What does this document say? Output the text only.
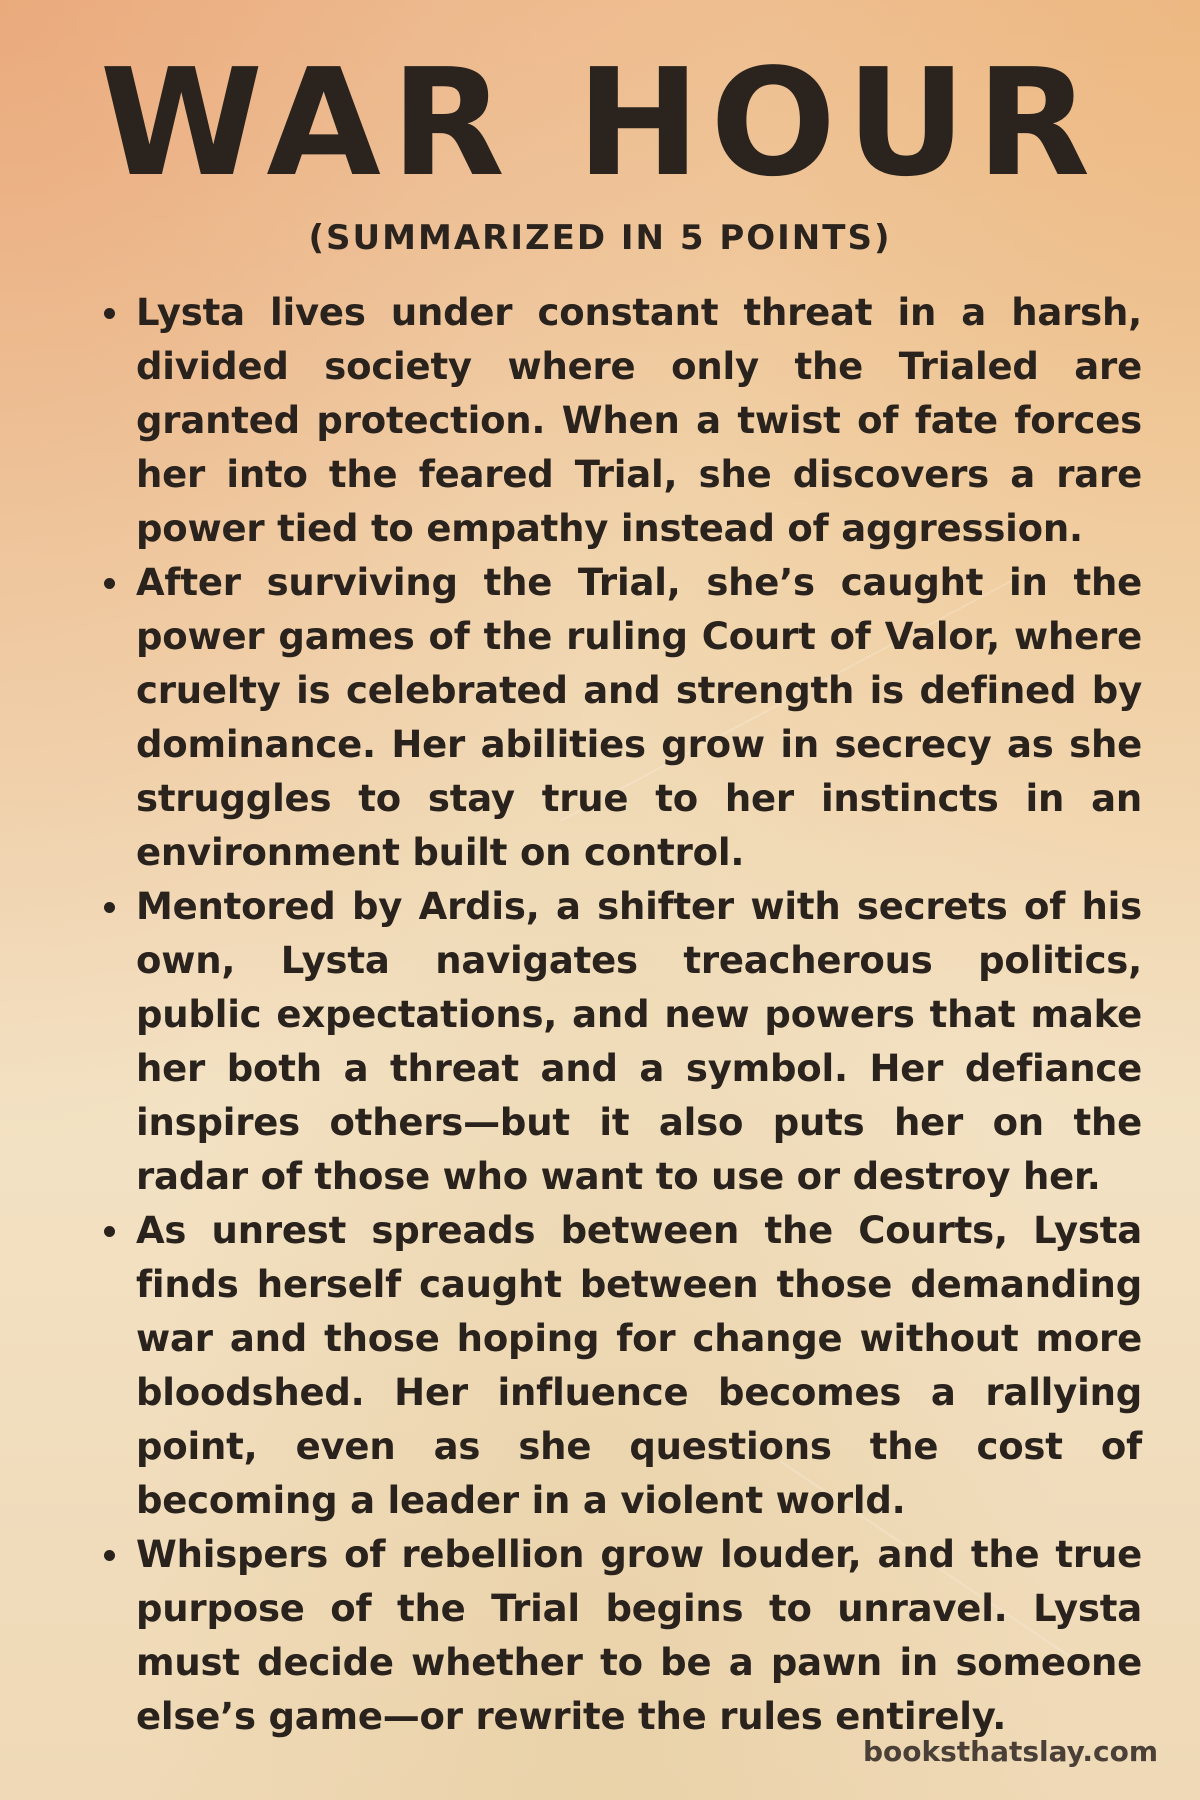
WAR HOUR
(SUMMARIZED IN 5 POINTS)
Lysta lives under constant threat in a harsh, divided society where only the Trialed are granted protection. When a twist of fate forces her into the feared Trial, she discovers a rare power tied to empathy instead of aggression.
After surviving the Trial, she’s caught in the power games of the ruling Court of Valor, where cruelty is celebrated and strength is defined by dominance. Her abilities grow in secrecy as she struggles to stay true to her instincts in an environment built on control.
Mentored by Ardis, a shifter with secrets of his own, Lysta navigates treacherous politics, public expectations, and new powers that make her both a threat and a symbol. Her defiance inspires others—but it also puts her on the radar of those who want to use or destroy her.
As unrest spreads between the Courts, Lysta finds herself caught between those demanding war and those hoping for change without more bloodshed. Her influence becomes a rallying point, even as she questions the cost of becoming a leader in a violent world.
Whispers of rebellion grow louder, and the true purpose of the Trial begins to unravel. Lysta must decide whether to be a pawn in someone else’s game—or rewrite the rules entirely.

booksthatslay.com
